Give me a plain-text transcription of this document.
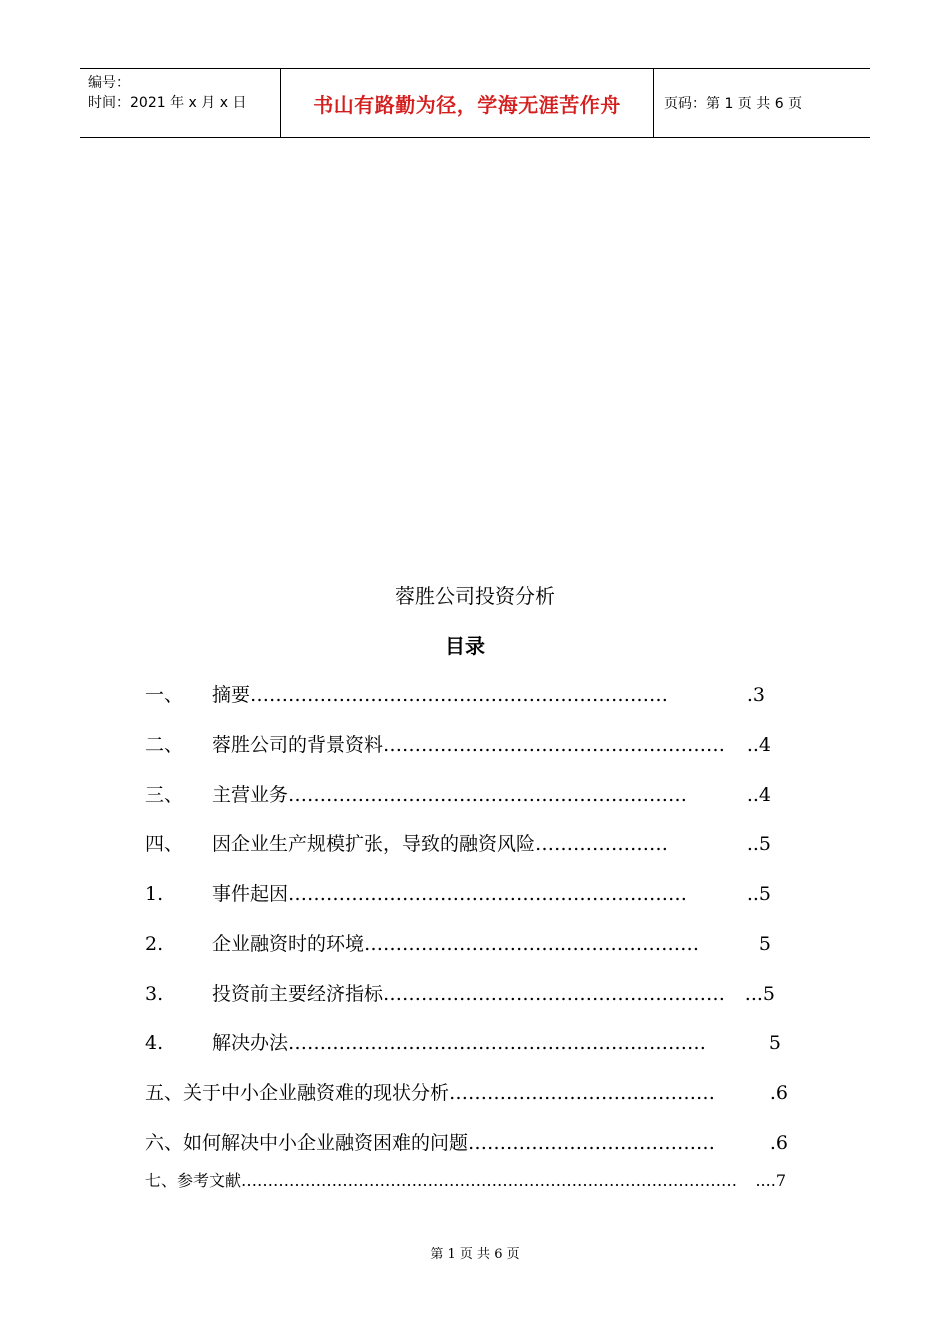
编号：
时间：2021 年 x 月 x 日	书山有路勤为径，学海无涯苦作舟	页码：第 1 页 共 6 页
蓉胜公司投资分析
目录
一、	摘要 …………………………………………………………	.3
二、	蓉胜公司的背景资料 ………………………………………………	..4
三、	主营业务 ………………………………………………………	..4
四、	因企业生产规模扩张，导致的融资风险 …………………	..5
1.	事件起因 ………………………………………………………	..5
2.	企业融资时的环境 …………………………..…………………	5
3.	投资前主要经济指标 ………………………………………………	...5
4.	解决办法 …………………………………………………………	5
五、关于中小企业融资难的现状分析 ……………………………………	.6
六、如何解决中小企业融资困难的问题 …………………………………	.6
七、参考文献 …………………………………………………………………………………	....7
第 1 页 共 6 页
